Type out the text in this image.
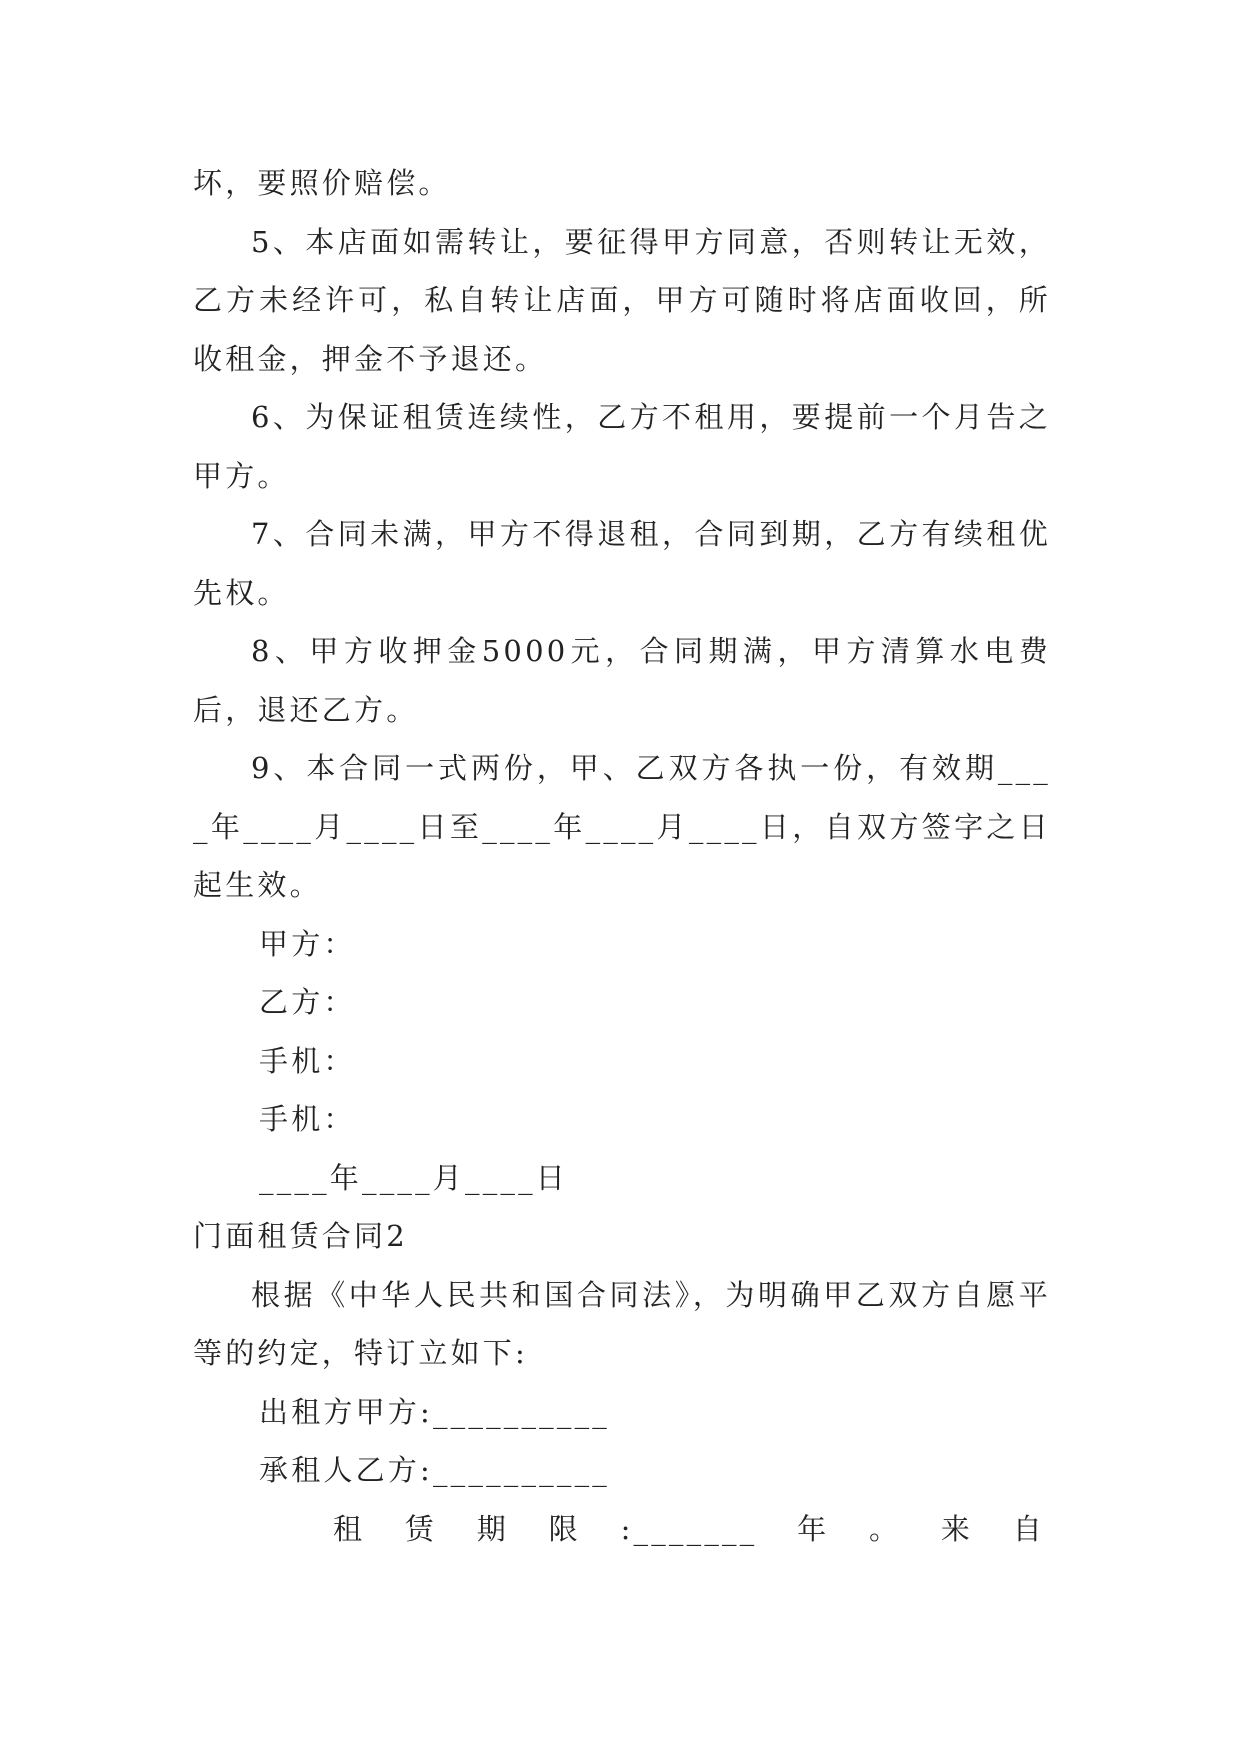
坏，要照价赔偿。

5、本店面如需转让，要征得甲方同意，否则转让无效，乙方未经许可，私自转让店面，甲方可随时将店面收回，所收租金，押金不予退还。

6、为保证租赁连续性，乙方不租用，要提前一个月告之甲方。

7、合同未满，甲方不得退租，合同到期，乙方有续租优先权。

8、甲方收押金5000元，合同期满，甲方清算水电费后，退还乙方。

9、本合同一式两份，甲、乙双方各执一份，有效期____年____月____日至____年____月____日，自双方签字之日起生效。

甲方：

乙方：

手机：

手机：

____年____月____日

门面租赁合同2

根据《中华人民共和国合同法》，为明确甲乙双方自愿平等的约定，特订立如下:

出租方甲方:__________

承租人乙方:__________

租 赁 期 限 :_______ 年 。 来 自
